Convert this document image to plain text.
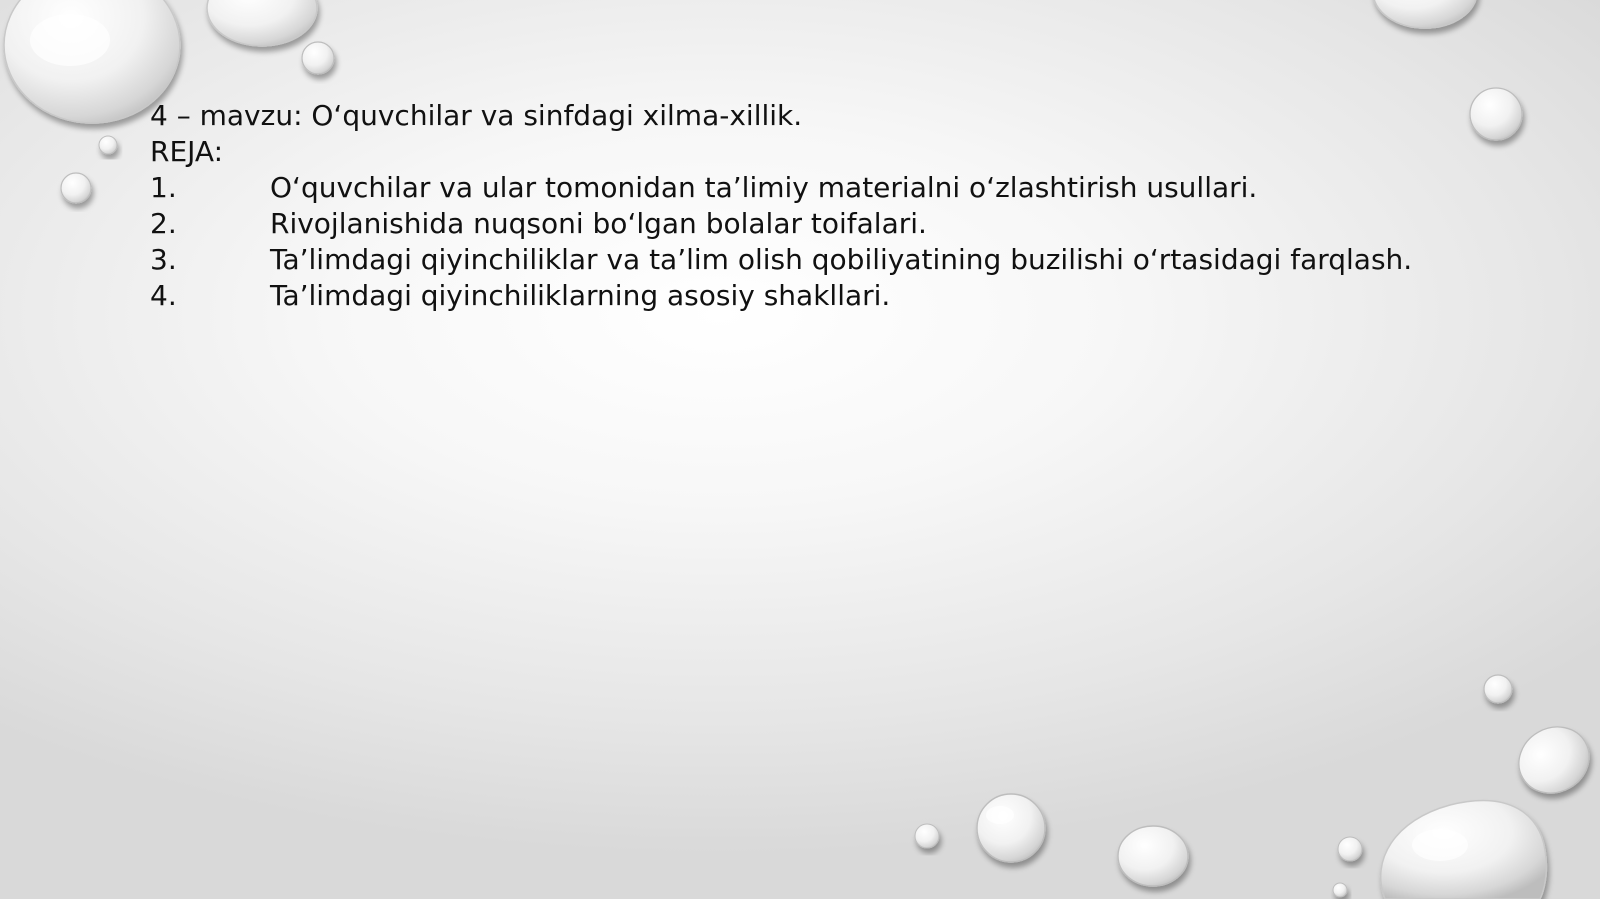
4 – mavzu: O‘quvchilar va sinfdagi xilma-xillik.
REJA:
1.	O‘quvchilar va ular tomonidan ta’limiy materialni o‘zlashtirish usullari.
2.	Rivojlanishida nuqsoni bo‘lgan bolalar toifalari.
3.	Ta’limdagi qiyinchiliklar va ta’lim olish qobiliyatining buzilishi o‘rtasidagi farqlash.
4.	Ta’limdagi qiyinchiliklarning asosiy shakllari.
